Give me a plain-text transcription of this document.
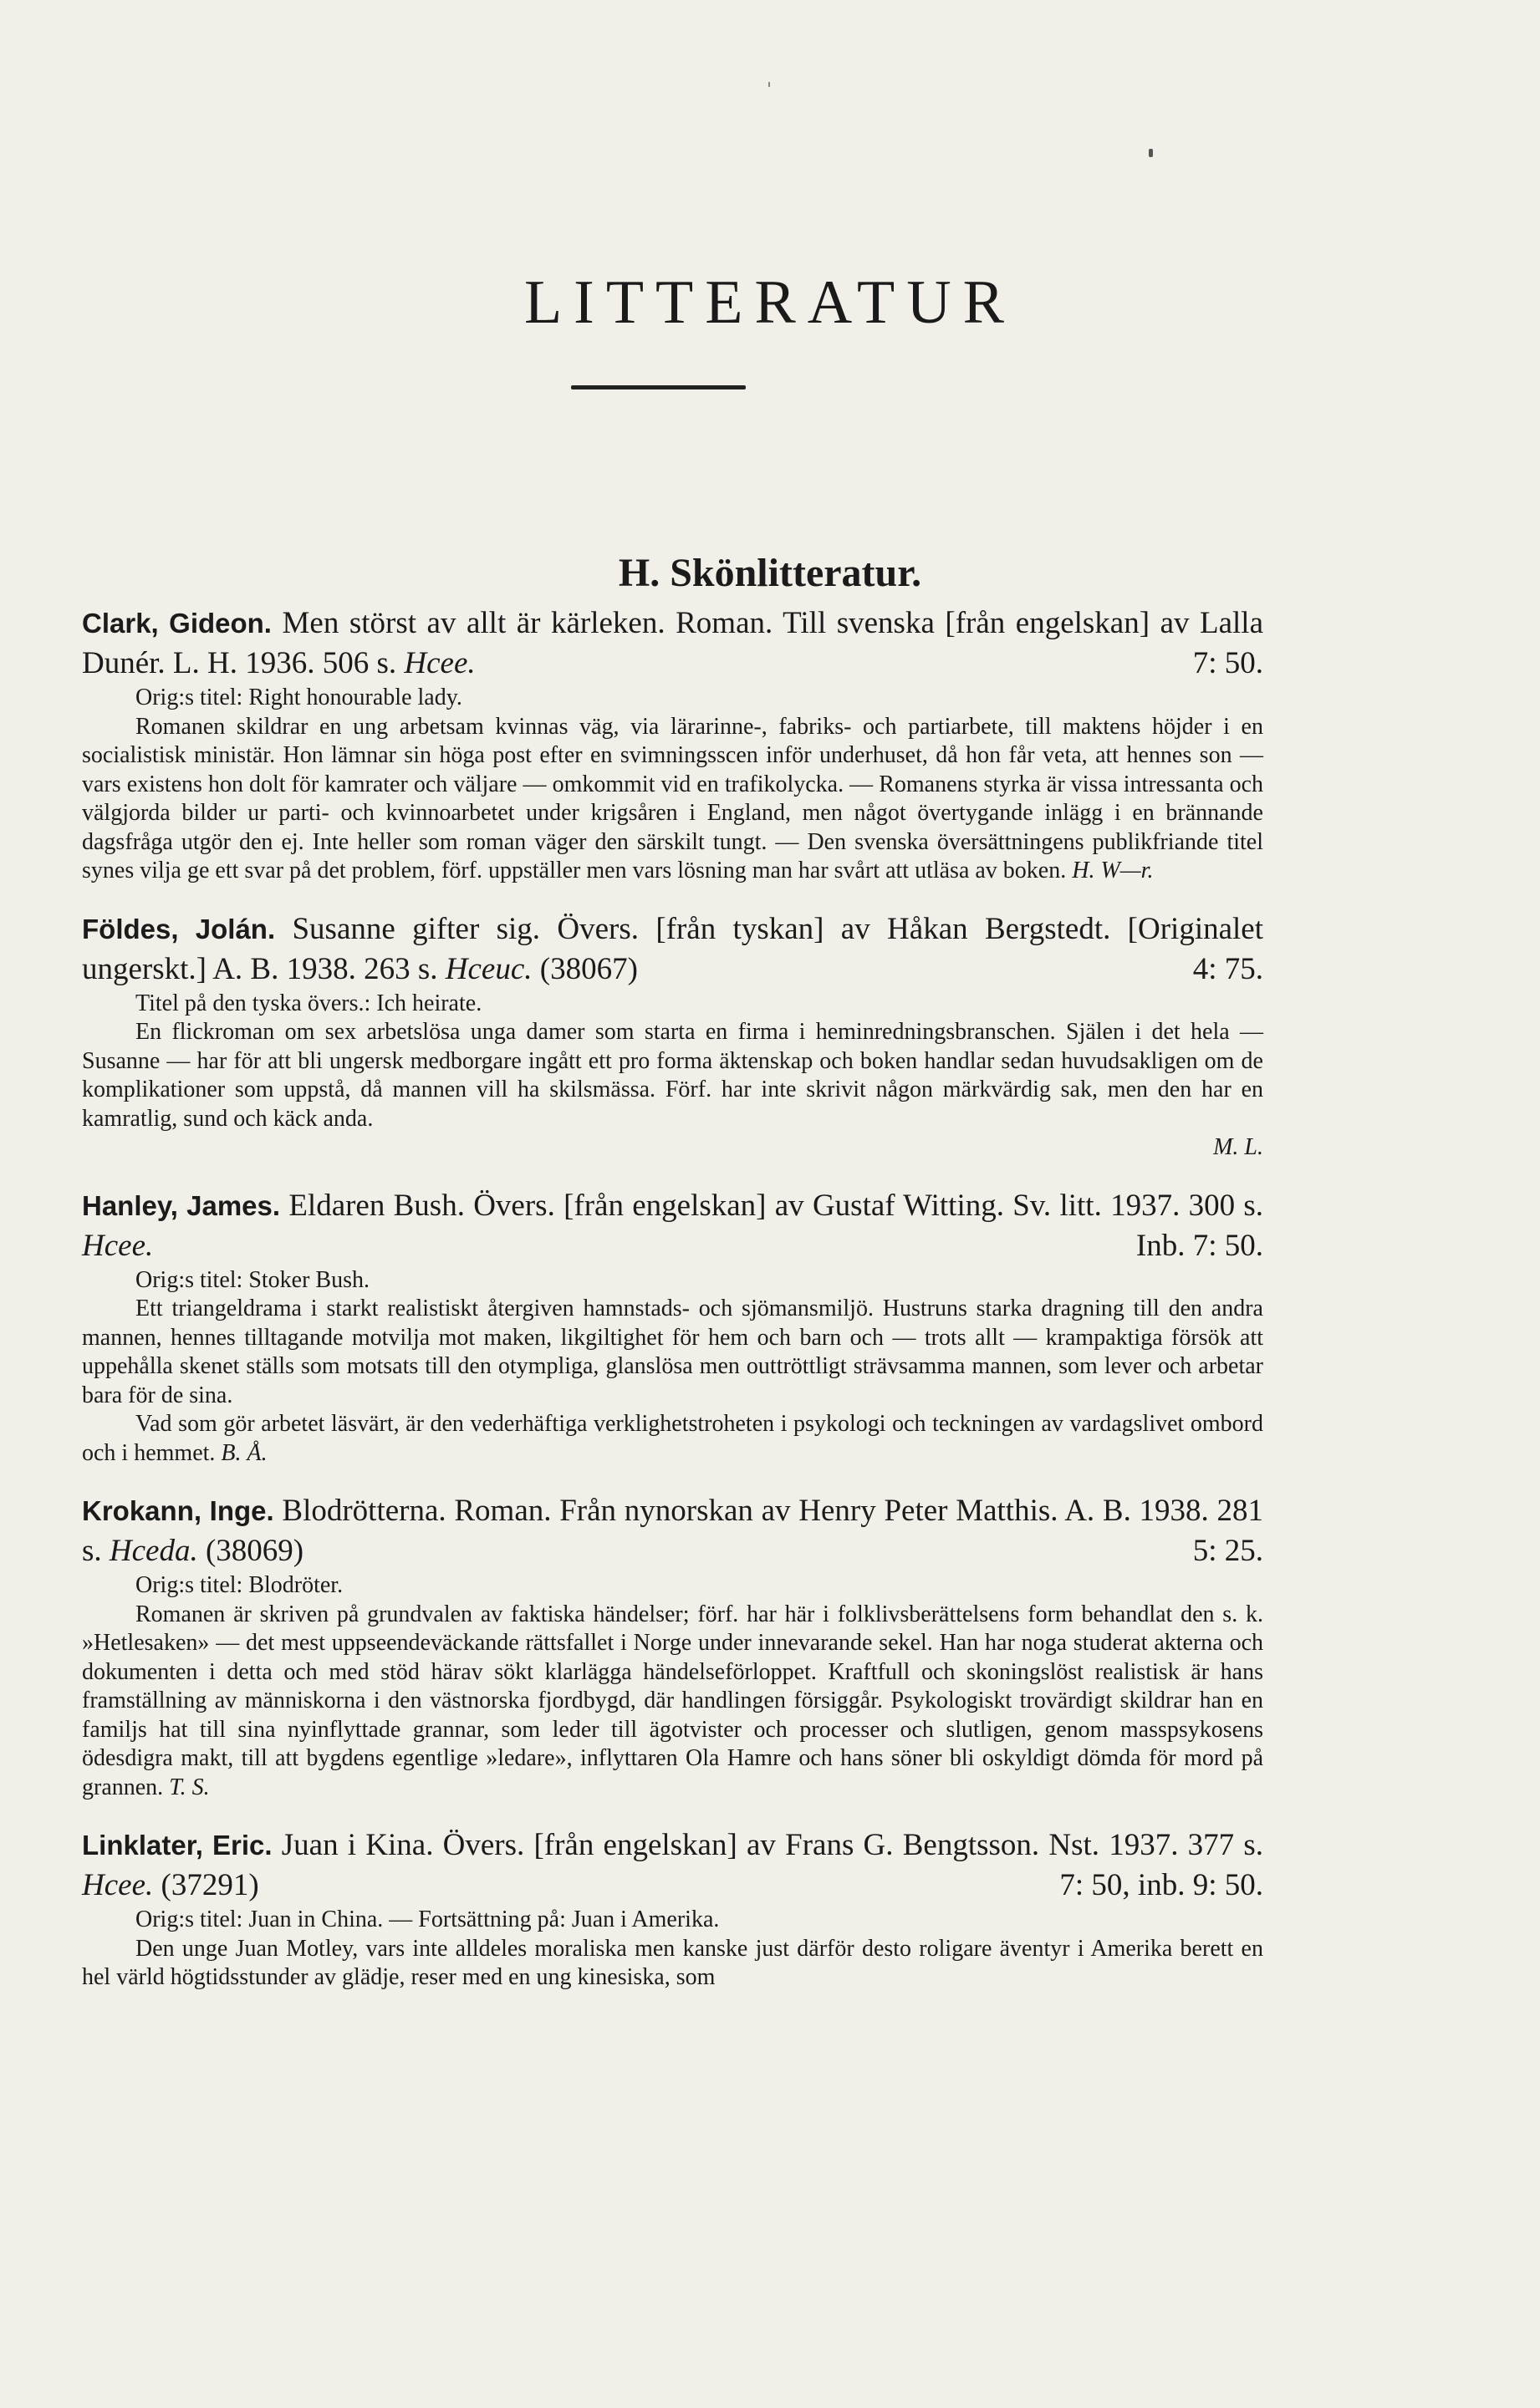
LITTERATUR
H. Skönlitteratur.
Clark, Gideon. Men störst av allt är kärleken. Roman. Till svenska [från engelskan] av Lalla Dunér. L. H. 1936. 506 s. Hcee.	7: 50.
Orig:s titel: Right honourable lady.
Romanen skildrar en ung arbetsam kvinnas väg, via lärarinne-, fabriks- och partiarbete, till maktens höjder i en socialistisk ministär. Hon lämnar sin höga post efter en svimningsscen inför underhuset, då hon får veta, att hennes son — vars existens hon dolt för kamrater och väljare — omkommit vid en trafikolycka. — Romanens styrka är vissa intressanta och välgjorda bilder ur parti- och kvinnoarbetet under krigsåren i England, men något övertygande inlägg i en brännande dagsfråga utgör den ej. Inte heller som roman väger den särskilt tungt. — Den svenska översättningens publikfriande titel synes vilja ge ett svar på det problem, förf. uppställer men vars lösning man har svårt att utläsa av boken. H. W—r.
Földes, Jolán. Susanne gifter sig. Övers. [från tyskan] av Håkan Bergstedt. [Originalet ungerskt.] A. B. 1938. 263 s. Hceuc. (38067)	4: 75.
Titel på den tyska övers.: Ich heirate.
En flickroman om sex arbetslösa unga damer som starta en firma i heminredningsbranschen. Själen i det hela — Susanne — har för att bli ungersk medborgare ingått ett pro forma äktenskap och boken handlar sedan huvudsakligen om de komplikationer som uppstå, då mannen vill ha skilsmässa. Förf. har inte skrivit någon märkvärdig sak, men den har en kamratlig, sund och käck anda.
M. L.
Hanley, James. Eldaren Bush. Övers. [från engelskan] av Gustaf Witting. Sv. litt. 1937. 300 s. Hcee.	Inb. 7: 50.
Orig:s titel: Stoker Bush.
Ett triangeldrama i starkt realistiskt återgiven hamnstads- och sjömansmiljö. Hustruns starka dragning till den andra mannen, hennes tilltagande motvilja mot maken, likgiltighet för hem och barn och — trots allt — krampaktiga försök att uppehålla skenet ställs som motsats till den otympliga, glanslösa men outtröttligt strävsamma mannen, som lever och arbetar bara för de sina.
Vad som gör arbetet läsvärt, är den vederhäftiga verklighetstroheten i psykologi och teckningen av vardagslivet ombord och i hemmet. B. Å.
Krokann, Inge. Blodrötterna. Roman. Från nynorskan av Henry Peter Matthis. A. B. 1938. 281 s. Hceda. (38069)	5: 25.
Orig:s titel: Blodröter.
Romanen är skriven på grundvalen av faktiska händelser; förf. har här i folklivsberättelsens form behandlat den s. k. »Hetlesaken» — det mest uppseendeväckande rättsfallet i Norge under innevarande sekel. Han har noga studerat akterna och dokumenten i detta och med stöd härav sökt klarlägga händelseförloppet. Kraftfull och skoningslöst realistisk är hans framställning av människorna i den västnorska fjordbygd, där handlingen försiggår. Psykologiskt trovärdigt skildrar han en familjs hat till sina nyinflyttade grannar, som leder till ägotvister och processer och slutligen, genom masspsykosens ödesdigra makt, till att bygdens egentlige »ledare», inflyttaren Ola Hamre och hans söner bli oskyldigt dömda för mord på grannen. T. S.
Linklater, Eric. Juan i Kina. Övers. [från engelskan] av Frans G. Bengtsson. Nst. 1937. 377 s. Hcee. (37291)	7: 50, inb. 9: 50.
Orig:s titel: Juan in China. — Fortsättning på: Juan i Amerika.
Den unge Juan Motley, vars inte alldeles moraliska men kanske just därför desto roligare äventyr i Amerika berett en hel värld högtidsstunder av glädje, reser med en ung kinesiska, som
